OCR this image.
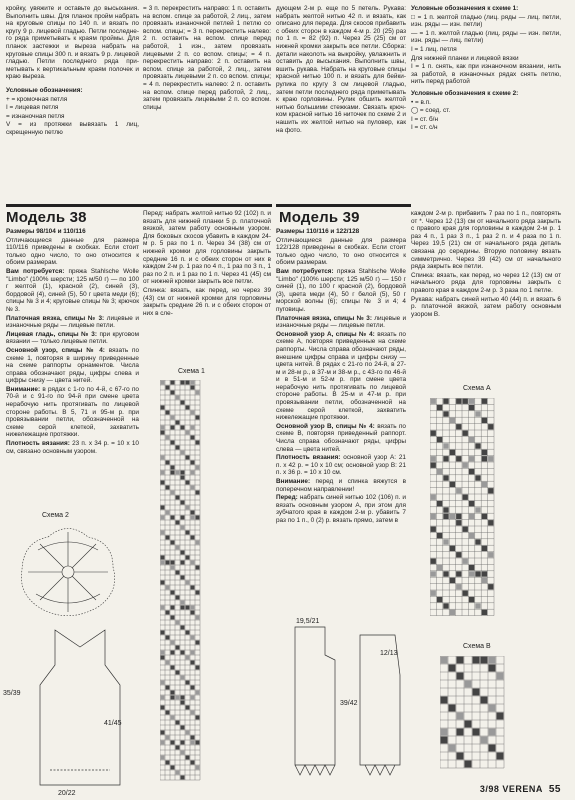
кройку, увяжите и оставьте до высыхания. Выполнить швы. Для планок пройм набрать на круговые спицы по 140 п. и вязать по кругу 9 р. лицевой гладью. Петли последнего ряда приметывать к краям проймы. Для планок застежки и выреза набрать на круговые спицы 300 п. и вязать 9 р. лицевой гладью. Петли последнего ряда приметывать к вертикальным краям полочек и краю выреза.

Условные обозначения:

+ = кромочная петля

I = лицевая петля

= изнаночная петля

V = из протяжки вывязать 1 лиц, скрещенную петлю

= 3 п. перекрестить направо: 1 п. оставить на вспом. спице за работой, 2 лиц., затем провязать изнаночной петлей 1 петлю со вспом. спицы; = 3 п. перекрестить налево: 2 п. оставить на вспом. спице перед работой, 1 изн., затем провязать лицевыми 2 п. со вспом. спицы; = 4 п. перекрестить направо: 2 п. оставить на вспом. спице за работой, 2 лиц., затем провязать лицевыми 2 п. со вспом. спицы; = 4 п. перекрестить налево: 2 п. оставить на вспом. спице перед работой, 2 лиц., затем провязать лицевыми 2 п. со вспом. спицы

дующем 2-м р. еще по 5 петель. Рукава: набрать желтой нитью 42 п. и вязать, как описано для переда. Для скосов прибавить с обеих сторон в каждом 4-м р. 20 (25) раз по 1 п. = 82 (92) п. Через 25 (25) см от нижней кромки закрыть все петли. Сборка: детали наколоть на выкройку, увлажнить и оставить до высыхания. Выполнить швы, вшить рукава. Набрать на круговые спицы красной нитью 100 п. и вязать для бейки-рулика по кругу 3 см лицевой гладью, затем петли последнего ряда приметывать к краю горловины. Рулик обшить желтой нитью большими стежками. Связать крючком красной нитью 16 ниточек по схеме 2 и нашить их желтой нитью на пуловер, как на фото.

Условные обозначения к схеме 1:

□ = 1 п. желтой гладью (лиц. ряды — лиц. петли, изн. ряды — изн. петли)

— = 1 п. желтой гладью (лиц. ряды — изн. петли, изн. ряды — лиц. петли)

I = 1 лиц. петля

Для нижней планки и лицевой вязки

I = 1 п. снять, как при изнаночном вязании, нить за работой, в изнаночных рядах снять петлю, нить перед работой

Условные обозначения к схеме 2:

• = в.п.

◯ = соед. ст.

I = ст. б/н

I = ст. с/н

Модель 38

Размеры 98/104 и 110/116

Отличающиеся данные для размера 110/116 приведены в скобках. Если стоит только одно число, то оно относится к обоим размерам.

Вам потребуется: пряжа Stahlsche Wolle "Limbo" (100% шерсти; 125 м/50 г) — по 100 г желтой (1), красной (2), синей (3), бордовой (4), синей (5), 50 г цвета меди (6); спицы № 3 и 4; круговые спицы № 3; крючок № 3.

Платочная вязка, спицы № 3: лицевые и изнаночные ряды — лицевые петли.

Лицевая гладь, спицы № 3: при круговом вязании — только лицевые петли.

Основной узор, спицы № 4: вязать по схеме 1, повторяя в ширину приведенные на схеме раппорты орнаментов. Числа справа обозначают ряды, цифры слева и цифры снизу — цвета нитей.

Внимание: в рядах с 1-го по 4-й, с 67-го по 70-й и с 91-го по 94-й при смене цвета нерабочую нить протягивать по лицевой стороне работы. В 5, 71 и 95-м р. при провязывании петли, обозначенной на схеме серой клеткой, захватить нижележащие протяжки.

Плотность вязания: 23 п. x 34 р. = 10 x 10 см, связано основным узором.

Перед: набрать желтой нитью 92 (102) п. и вязать для нижней планки 5 р. платочной вязкой, затем работу основным узором. Для боковых скосов убавить в каждом 24-м р. 5 раз по 1 п. Через 34 (38) см от нижней кромки для горловины закрыть средние 16 п. и с обеих сторон от них в каждом 2-м р. 1 раз по 4 п., 1 раз по 3 п., 1 раз по 2 п. и 1 раз по 1 п. Через 41 (45) см от нижней кромки закрыть все петли.

Спинка: вязать, как перед, но через 39 (43) см от нижней кромки для горловины закрыть средние 26 п. и с обеих сторон от них в сле-

Схема 2
35/39
41/45
20/22
Схема 1
Модель 39

Размеры 110/116 и 122/128

Отличающиеся данные для размера 122/128 приведены в скобках. Если стоит только одно число, то оно относится к обоим размерам.

Вам потребуется: пряжа Stahlsche Wolle "Limbo" (100% шерсти; 125 м/50 г) — 150 г синей (1), по 100 г красной (2), бордовой (3), цвета меди (4), 50 г белой (5), 50 г морской волны (6); спицы № 3 и 4; 4 пуговицы.

Платочная вязка, спицы № 3: лицевые и изнаночные ряды — лицевые петли.

Основной узор A, спицы № 4: вязать по схеме А, повторяя приведенные на схеме раппорты. Числа справа обозначают ряды, внешние цифры справа и цифры снизу — цвета нитей. В рядах с 21-го по 24-й, в 27-м и 28-м р., в 37-м и 38-м р., с 43-го по 46-й и в 51-м и 52-м р. при смене цвета нерабочую нить протягивать по лицевой стороне работы. В 25-м и 47-м р. при провязывании петли, обозначенной на схеме серой клеткой, захватить нижележащие протяжки.

Основной узор B, спицы № 4: вязать по схеме B, повторяя приведенный раппорт. Числа справа обозначают ряды, цифры слева — цвета нитей.

Плотность вязания: основной узор A: 21 п. x 42 р. = 10 x 10 см; основной узор B: 21 п. x 36 р. = 10 x 10 см.

Внимание: перед и спинка вяжутся в поперечном направлении!

Перед: набрать синей нитью 102 (106) п. и вязать основным узором A, при этом для зубчатого края в каждом 2-м р. убавить 7 раз по 1 п., 0 (2) р. вязать прямо, затем в

каждом 2-м р. прибавить 7 раз по 1 п., повторять от *. Через 12 (13) см от начального ряда закрыть с правого края для горловины в каждом 2-м р. 1 раз 4 п., 1 раз 3 п., 1 раз 2 п. и 4 раза по 1 п. Через 19,5 (21) см от начального ряда деталь связана до середины. Вторую половину вязать симметрично. Через 39 (42) см от начального ряда закрыть все петли.

Спинка: вязать, как перед, но через 12 (13) см от начального ряда для горловины закрыть с правого края в каждом 2-м р. 3 раза по 1 петле.

Рукава: набрать синей нитью 40 (44) п. и вязать 6 р. платочной вязкой, затем работу основным узором B.

19,5/21
39/42
12/13
Схема A
Схема B
3/98 VERENA 55
